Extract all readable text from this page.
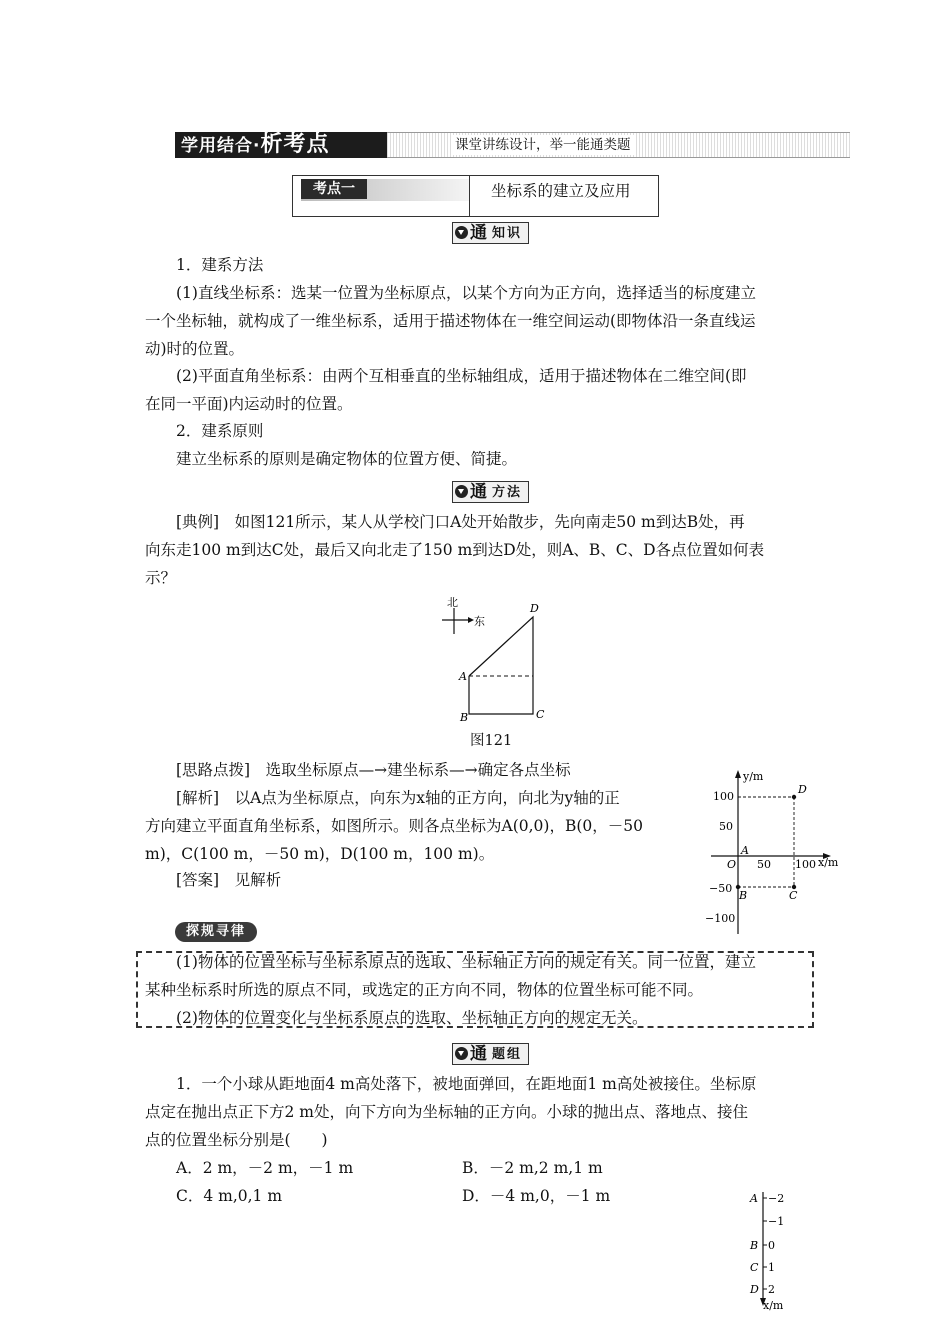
学用结合·析考点	课堂讲练设计，举一能通类题
考点一	坐标系的建立及应用
通 知识
1．建系方法
(1)直线坐标系：选某一位置为坐标原点，以某个方向为正方向，选择适当的标度建立
一个坐标轴，就构成了一维坐标系，适用于描述物体在一维空间运动(即物体沿一条直线运
动)时的位置。
(2)平面直角坐标系：由两个互相垂直的坐标轴组成，适用于描述物体在二维空间(即
在同一平面)内运动时的位置。
2．建系原则
建立坐标系的原则是确定物体的位置方便、简捷。
通 方法
[典例]　如图121所示，某人从学校门口A处开始散步，先向南走50 m到达B处，再
向东走100 m到达C处，最后又向北走了150 m到达D处，则A、B、C、D各点位置如何表
示？
北
东
A
B	C
D
图121
[思路点拨]　选取坐标原点—→建坐标系—→确定各点坐标
[解析]　以A点为坐标原点，向东为x轴的正方向，向北为y轴的正
方向建立平面直角坐标系，如图所示。则各点坐标为A(0,0)，B(0，－50
m)，C(100 m，－50 m)，D(100 m，100 m)。
[答案]　见解析
y/m
x/m
100
50
−50
−100
50 100
O
D
A
B	C
探规寻律
(1)物体的位置坐标与坐标系原点的选取、坐标轴正方向的规定有关。同一位置，建立
某种坐标系时所选的原点不同，或选定的正方向不同，物体的位置坐标可能不同。
(2)物体的位置变化与坐标系原点的选取、坐标轴正方向的规定无关。
通 题组
1．一个小球从距地面4 m高处落下，被地面弹回，在距地面1 m高处被接住。坐标原
点定在抛出点正下方2 m处，向下方向为坐标轴的正方向。小球的抛出点、落地点、接住
点的位置坐标分别是(　　)
A．2 m，－2 m，－1 m	B．－2 m,2 m,1 m
C．4 m,0,1 m	D．－4 m,0，－1 m	A
B
C
D
−2
−1
0
1
2
x/m
